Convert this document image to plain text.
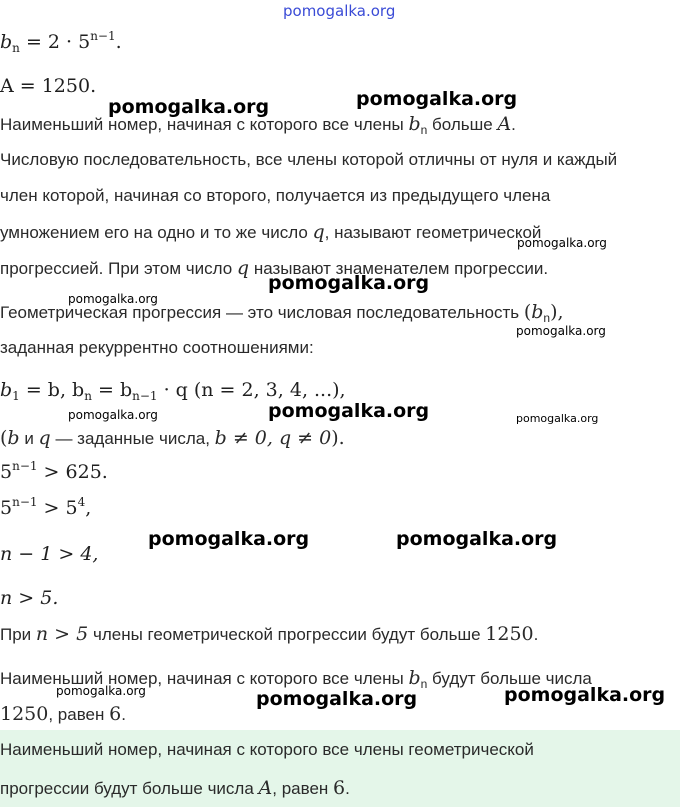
pomogalka.org
$b_n = 2 \cdot 5^{n-1}$.
A = 1250.
Наименьший номер, начиная с которого все члены $b_n$ больше A.
Числовую последовательность, все члены которой отличны от нуля и каждый
член которой, начиная со второго, получается из предыдущего члена
умножением его на одно и то же число q, называют геометрической
прогрессией. При этом число q называют знаменателем прогрессии.
Геометрическая прогрессия — это числовая последовательность $(b_n)$,
заданная рекуррентно соотношениями:
$b_1 = b$, $b_n = b_{n-1} \cdot q$ (n = 2, 3, 4, ...),
(b и q — заданные числа, b ≠ 0, q ≠ 0).
$5^{n-1} > 625$.
$5^{n-1} > 5^4$,
n − 1 > 4,
n > 5.
При n > 5 члены геометрической прогрессии будут больше 1250.
Наименьший номер, начиная с которого все члены $b_n$ будут больше числа
1250, равен 6.
Наименьший номер, начиная с которого все члены геометрической
прогрессии будут больше числа A, равен 6.
pomogalka.org	pomogalka.org
pomogalka.org
pomogalka.org
pomogalka.org
pomogalka.org
pomogalka.org
pomogalka.org	pomogalka.org
pomogalka.org	pomogalka.org
pomogalka.org	pomogalka.org	pomogalka.org
